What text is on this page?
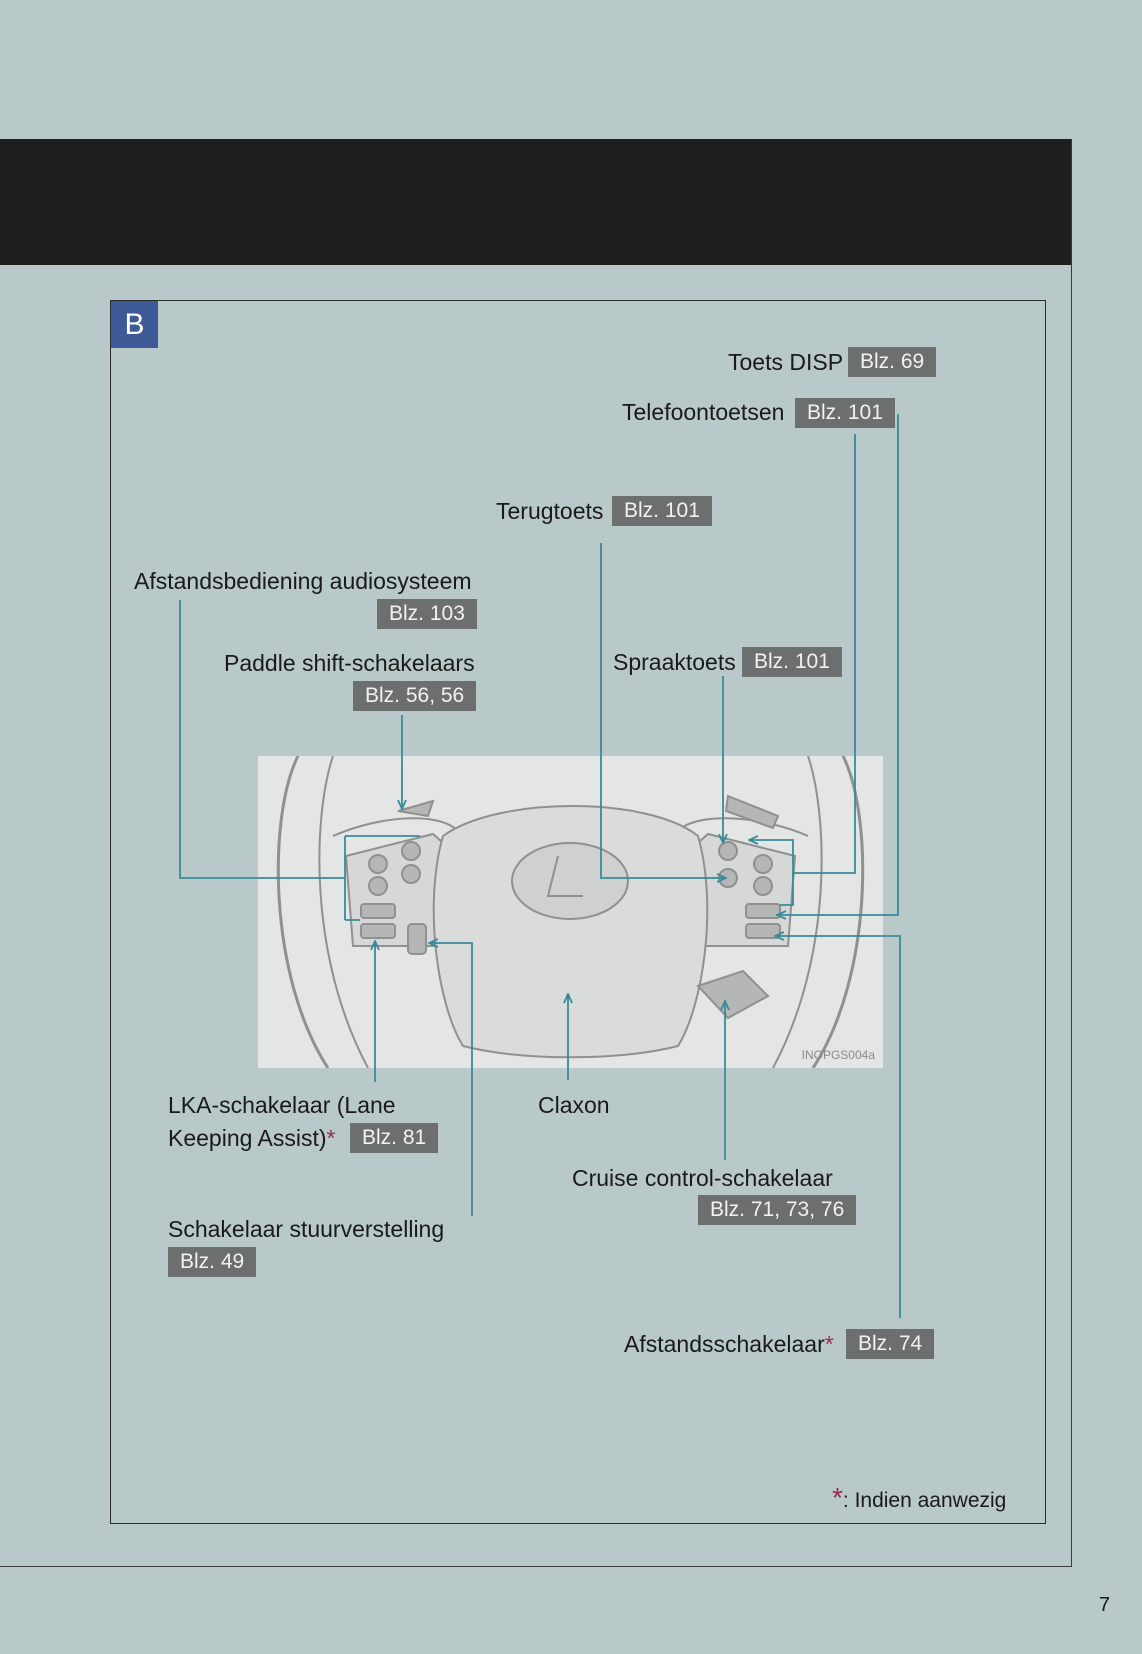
B
INOPGS004a
Toets DISP Blz. 69
Telefoontoetsen	Blz. 101
Terugtoets Blz. 101
Afstandsbediening audiosysteem
Blz. 103
Paddle shift-schakelaars
Blz. 56, 56
Spraaktoets Blz. 101
LKA-schakelaar (Lane
Keeping Assist)*	Blz. 81
Claxon
Cruise control-schakelaar
Blz. 71, 73, 76
Schakelaar stuurverstelling
Blz. 49
Afstandsschakelaar*	Blz. 74
*: Indien aanwezig
7
